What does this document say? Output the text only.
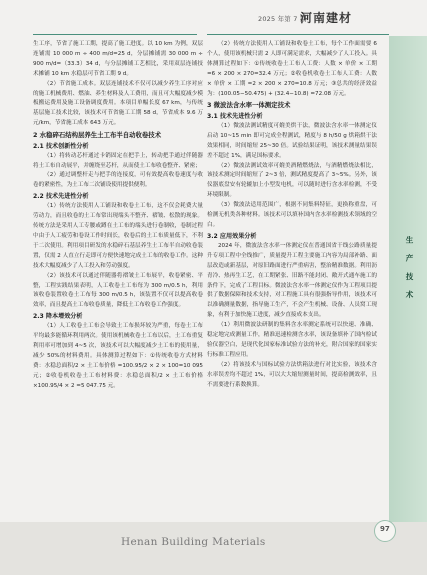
2025 年第 7 期
河南建材
生 产 技 术

生工序，节省了施工工期，提高了施工进度。以 10 km 为例，双层连铺需 10 000 m ÷ 400 m/d=25 d，分层摊铺需 30 000 m ÷ 900 m/d=（33.3）34 d，与分层摊铺工艺相比，采用双层连铺技术摊铺 10 km 水稳层可节省工期 9 d。

（2）节省施工成本。双层连铺技术不仅可以减少养生工序对应的施工机械费用、燃油、养生材料及人工费用，而且可大幅度减少模板搬运费用及施工设备调度费用。本项目单幅长度 67 km，与传统基层施工技术比较，该技术可节省施工工期 58 d，节省成本 9.6 万元/km，节省施工成本 643 万元。

2 水稳碎石结构层养生土工布半自动收卷技术
2.1 技术创新性分析

（1）将转动芯杆通过卡销固定在把手上，转动把手通过伴随器将土工布自动展平，并缠绕至芯杆，从而使土工布收卷整齐、紧密；

（2）通过调整杆走与把手的连接度，可有效提高收卷速度与收卷的紧密性，为土工布二次铺设使用提供便利。

2.2 技术先进性分析

（1）传统方法使用人工铺设和收卷土工布，这不仅会耗费大量劳动力，而且收卷的土工布常出现端头不整齐、褶皱、松散的现象。传统方法是采用人工专腰或蹲在土工布的端头进行卷制收，卷制过程中由于人工疲劳和卷设工作时间长，收卷后的土工布质量低下，不利于二次使用。利用项目研发的水稳碎石基层养生土工布半自动收卷装置，仅需 2 人直立行走即可方便快速地完成土工布的收卷工作。这种技术大幅度减少了人工投入和劳动强度。

（2）该技术可以通过伴随器将褶皱土工布展平，收卷紧密、平整，工程实践结果表明，人工收卷土工布每为 300 m/0.5 h，利用该收卷装置收卷土工布每 300 m/0.5 h，该装置不仅可以提高收卷效率，而且提高土工布收卷质量，降低土工布收卷工作强度。

2.3 降本增效分析

（1）人工收卷土工布会导致土工布损坏较为严重，每卷土工布平均最多能循环利用两次。使用该机械收卷土工布以后，土工布重复利用率可增加到 4~5 次，该技术可以大幅度减少土工布的使用量，减少 50%的材料费用。具体测算过程如下：①传统收卷方式材料费：水稳总面积/2 × 土工布价格 =100.95/2 × 2 × 100=10 095 元；②收卷机收卷土工布材料费：水稳总面积/2 × 土工布价格 ×100.95/4 × 2 =5 047.75 元。

（2）传统方法使用人工铺设和收卷土工布，每个工作面需要 6 个人，使用该机械只需 2 人即可满足需求，大幅减少了人工投入。具体测算过程如下：①传统收卷土工布人工费：人数 × 单价 × 工期 =6 × 200 × 270=32.4 万元；②收卷机收卷土工布人工费：人数 × 单价 × 工期 =2 × 200 × 270=10.8 万元；③总共的经济效益为：(100.05−50.475) + (32.4−10.8) =72.08 万元。

3 微波法含水率一体测定技术
3.1 技术先进性分析

（1）微波法测试精度可媲美烘干法，微波法含水率一体测定仪启动 10~15 min 即可完成全程测试，精度与 8 h/50 g 烘箱烘干法效果相同，时间缩短 25~30 倍。试验结果证明，该技术测量结果误差不超过 1%，满足国标要求。

（2）微波法测试效率可媲美酒精燃烧法，与酒精燃烧法相比，该技术测定时间缩短了 2~3 倍，测试精度提高了 3~5%。另外，该仪器底盘安有轮辘加上小型发电机，可以随时进行含水率检测，不受环境限制。

（3）微波法适用范围广，根据不同集料特征，更换称重盘，可检测无机类各种材料。该技术可以填补国内含水率检测技术领域的空白。

3.2 应用效果分析

2024 年，微波法含水率一体测定仪在普通国省干线公路质量提升专项工程中全线推广，质量提升工程主要施工内容为局部补路、面层改造或新基层，对原旧路面进行严重病害，整治精准数据。利用沥青冷、热再生工艺，在工期紧张、旧路不能封闭、敞开式通车施工的条件下，完成了工程目标。微波法含水率一体测定仪作为工程项目提供了数据保障和技术支持，对工程施工具有很强指导作用，该技术可以准确测量数据，指导施工生产，不会产生机械、设备、人员窝工现象，有利于加快施工进度，减少直接成本支出。

（1）利用微波法研制的集料含水率测定系统可以快速、准确、稳定地完成测量工作，精准迅速检测含水率，该设备填补了国内检试验仪器空白，是现代化国家标准试验方法的补充，附合国家的国家实行标准工程应用。

（2）将该技术与国标试验方法烘箱法进行对比实验，该技术含水率误差均不超过 1%，可以大大缩短测量时间，提高检测效率，且不需要进行系数换算。

Henan Building Materials
97
